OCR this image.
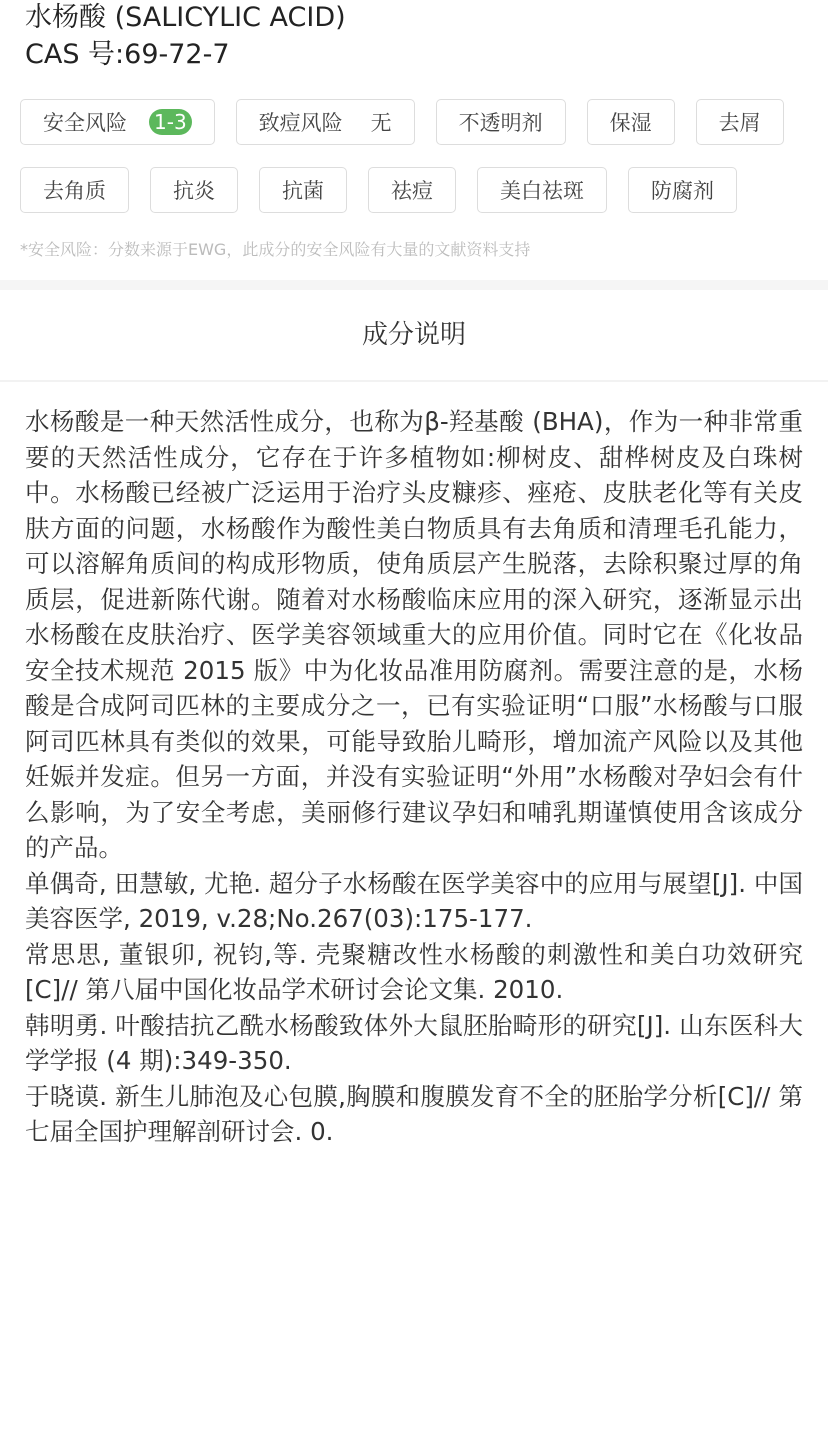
水杨酸 (SALICYLIC ACID)
CAS 号:69-72-7
安全风险 1-3	致痘风险 无	不透明剂	保湿	去屑
去角质	抗炎	抗菌	祛痘	美白祛斑	防腐剂
*安全风险：分数来源于EWG，此成分的安全风险有大量的文献资料支持
成分说明

水杨酸是一种天然活性成分，也称为β-羟基酸 (BHA)，作为一种非常重要的天然活性成分，它存在于许多植物如:柳树皮、甜桦树皮及白珠树中。水杨酸已经被广泛运用于治疗头皮糠疹、痤疮、皮肤老化等有关皮肤方面的问题，水杨酸作为酸性美白物质具有去角质和清理毛孔能力，可以溶解角质间的构成形物质，使角质层产生脱落，去除积聚过厚的角质层，促进新陈代谢。随着对水杨酸临床应用的深入研究，逐渐显示出水杨酸在皮肤治疗、医学美容领域重大的应用价值。同时它在《化妆品安全技术规范 2015 版》中为化妆品准用防腐剂。需要注意的是，水杨酸是合成阿司匹林的主要成分之一，已有实验证明“口服”水杨酸与口服阿司匹林具有类似的效果，可能导致胎儿畸形，增加流产风险以及其他妊娠并发症。但另一方面，并没有实验证明“外用”水杨酸对孕妇会有什么影响，为了安全考虑，美丽修行建议孕妇和哺乳期谨慎使用含该成分的产品。

单偶奇, 田慧敏, 尤艳. 超分子水杨酸在医学美容中的应用与展望[J]. 中国美容医学, 2019, v.28;No.267(03):175-177.

常思思, 董银卯, 祝钧,等. 壳聚糖改性水杨酸的刺激性和美白功效研究[C]// 第八届中国化妆品学术研讨会论文集. 2010.

韩明勇. 叶酸拮抗乙酰水杨酸致体外大鼠胚胎畸形的研究[J]. 山东医科大学学报 (4 期):349-350.

于晓谟. 新生儿肺泡及心包膜,胸膜和腹膜发育不全的胚胎学分析[C]// 第七届全国护理解剖研讨会. 0.
